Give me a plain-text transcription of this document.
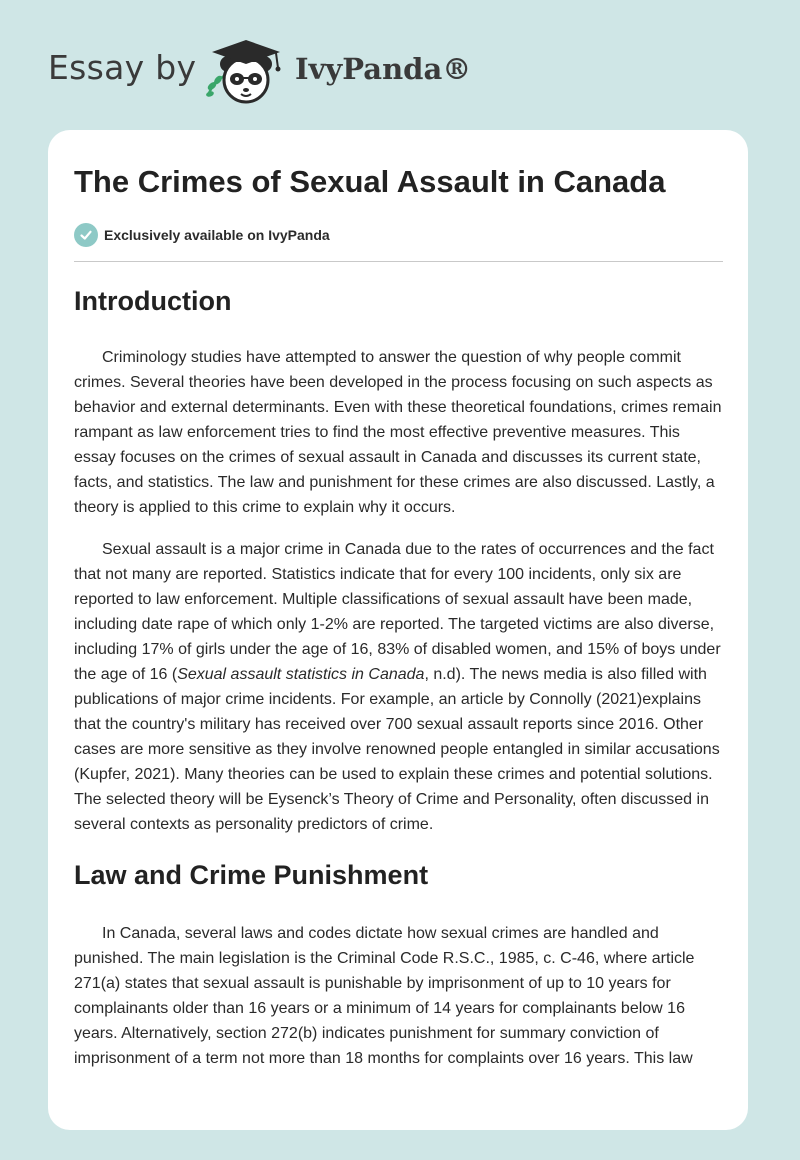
Essay by	IvyPanda®
The Crimes of Sexual Assault in Canada
Exclusively available on IvyPanda
Introduction

Criminology studies have attempted to answer the question of why people commit crimes. Several theories have been developed in the process focusing on such aspects as behavior and external determinants. Even with these theoretical foundations, crimes remain rampant as law enforcement tries to find the most effective preventive measures. This essay focuses on the crimes of sexual assault in Canada and discusses its current state, facts, and statistics. The law and punishment for these crimes are also discussed. Lastly, a theory is applied to this crime to explain why it occurs.

Sexual assault is a major crime in Canada due to the rates of occurrences and the fact that not many are reported. Statistics indicate that for every 100 incidents, only six are reported to law enforcement. Multiple classifications of sexual assault have been made, including date rape of which only 1-2% are reported. The targeted victims are also diverse, including 17% of girls under the age of 16, 83% of disabled women, and 15% of boys under the age of 16 (Sexual assault statistics in Canada, n.d). The news media is also filled with publications of major crime incidents. For example, an article by Connolly (2021)explains that the country's military has received over 700 sexual assault reports since 2016. Other cases are more sensitive as they involve renowned people entangled in similar accusations (Kupfer, 2021). Many theories can be used to explain these crimes and potential solutions. The selected theory will be Eysenck’s Theory of Crime and Personality, often discussed in several contexts as personality predictors of crime.

Law and Crime Punishment

In Canada, several laws and codes dictate how sexual crimes are handled and punished. The main legislation is the Criminal Code R.S.C., 1985, c. C-46, where article 271(a) states that sexual assault is punishable by imprisonment of up to 10 years for complainants older than 16 years or a minimum of 14 years for complainants below 16 years. Alternatively, section 272(b) indicates punishment for summary conviction of imprisonment of a term not more than 18 months for complaints over 16 years. This law
